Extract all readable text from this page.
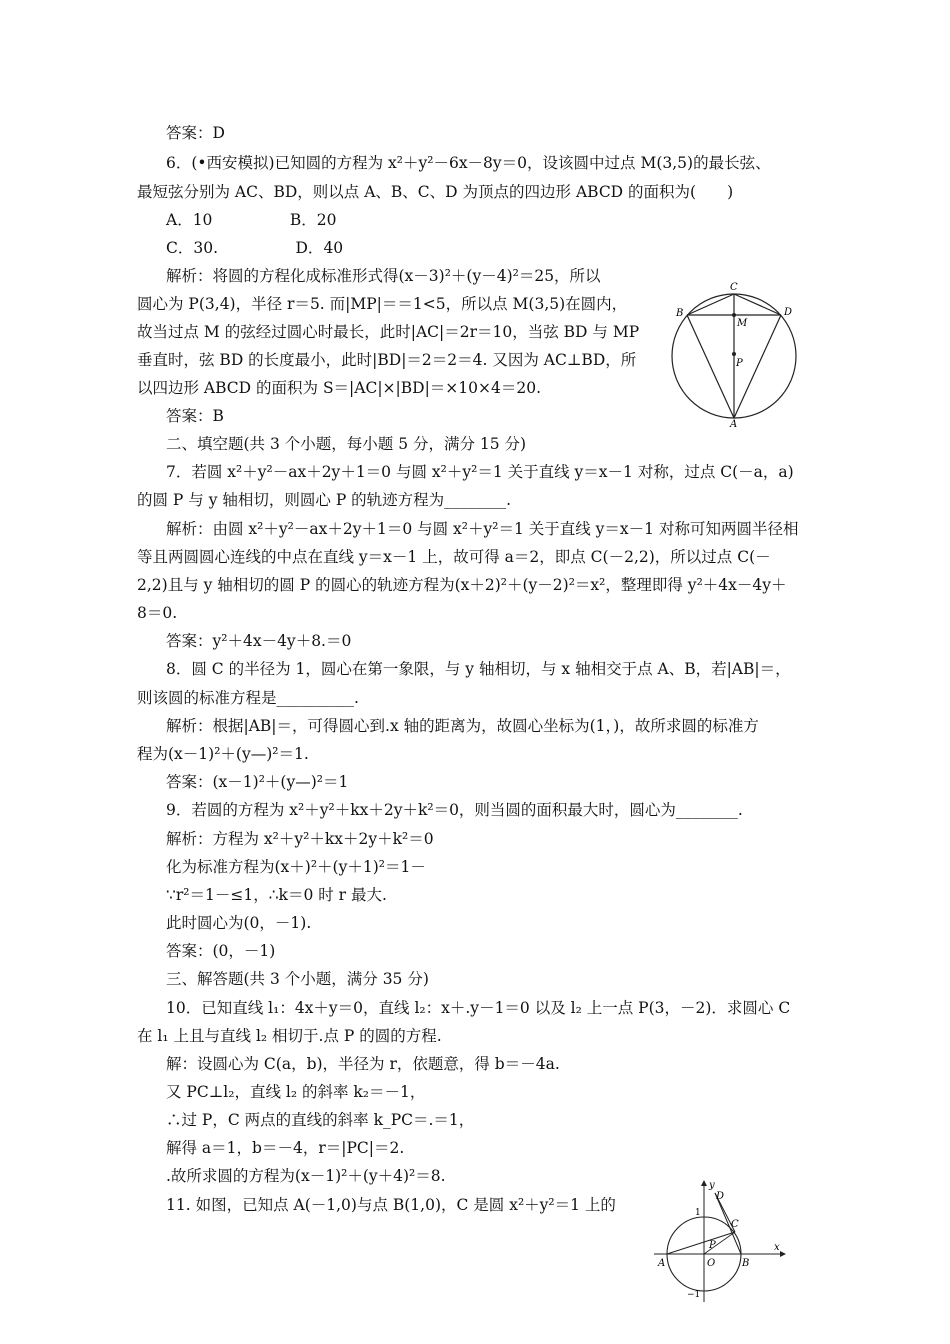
答案：D
6．(•西安模拟)已知圆的方程为 x²＋y²－6x－8y＝0，设该圆中过点 M(3,5)的最长弦、
最短弦分别为 AC、BD，则以点 A、B、C、D 为顶点的四边形 ABCD 的面积为(　　)
A．10　　　　　B．20
C．30.　　　　　D．40
解析：将圆的方程化成标准形式得(x－3)²＋(y－4)²＝25，所以
圆心为 P(3,4)，半径 r＝5. 而|MP|＝＝1<5，所以点 M(3,5)在圆内，
故当过点 M 的弦经过圆心时最长，此时|AC|＝2r＝10，当弦 BD 与 MP
垂直时，弦 BD 的长度最小，此时|BD|＝2＝2＝4. 又因为 AC⊥BD，所
以四边形 ABCD 的面积为 S＝|AC|×|BD|＝×10×4＝20.
答案：B
二、填空题(共 3 个小题，每小题 5 分，满分 15 分)
7．若圆 x²＋y²－ax＋2y＋1＝0 与圆 x²＋y²＝1 关于直线 y＝x－1 对称，过点 C(－a，a)
的圆 P 与 y 轴相切，则圆心 P 的轨迹方程为________.
解析：由圆 x²＋y²－ax＋2y＋1＝0 与圆 x²＋y²＝1 关于直线 y＝x－1 对称可知两圆半径相
等且两圆圆心连线的中点在直线 y＝x－1 上，故可得 a＝2，即点 C(－2,2)，所以过点 C(－
2,2)且与 y 轴相切的圆 P 的圆心的轨迹方程为(x＋2)²＋(y－2)²＝x²，整理即得 y²＋4x－4y＋
8＝0.
答案：y²＋4x－4y＋8.＝0
8．圆 C 的半径为 1，圆心在第一象限，与 y 轴相切，与 x 轴相交于点 A、B，若|AB|＝，
则该圆的标准方程是__________.
解析：根据|AB|＝，可得圆心到.x 轴的距离为，故圆心坐标为(1，)，故所求圆的标准方
程为(x－1)²＋(y—)²＝1.
答案：(x－1)²＋(y—)²＝1
9．若圆的方程为 x²＋y²＋kx＋2y＋k²＝0，则当圆的面积最大时，圆心为________.
解析：方程为 x²＋y²＋kx＋2y＋k²＝0
化为标准方程为(x＋)²＋(y＋1)²＝1－
∵r²＝1－≤1，∴k＝0 时 r 最大.
此时圆心为(0，－1).
答案：(0，－1)
三、解答题(共 3 个小题，满分 35 分)
10．已知直线 l₁：4x＋y＝0，直线 l₂：x＋.y－1＝0 以及 l₂ 上一点 P(3，－2)．求圆心 C
在 l₁ 上且与直线 l₂ 相切于.点 P 的圆的方程.
解：设圆心为 C(a，b)，半径为 r，依题意，得 b＝－4a.
又 PC⊥l₂，直线 l₂ 的斜率 k₂＝－1，
∴过 P，C 两点的直线的斜率 k_PC＝.＝1，
解得 a＝1，b＝－4，r＝|PC|＝2.
.故所求圆的方程为(x－1)²＋(y＋4)²＝8.
11. 如图，已知点 A(－1,0)与点 B(1,0)，C 是圆 x²＋y²＝1 上的
C
B	D
M
P
A
y
x
D
C
P
A	O	B
1
−1
